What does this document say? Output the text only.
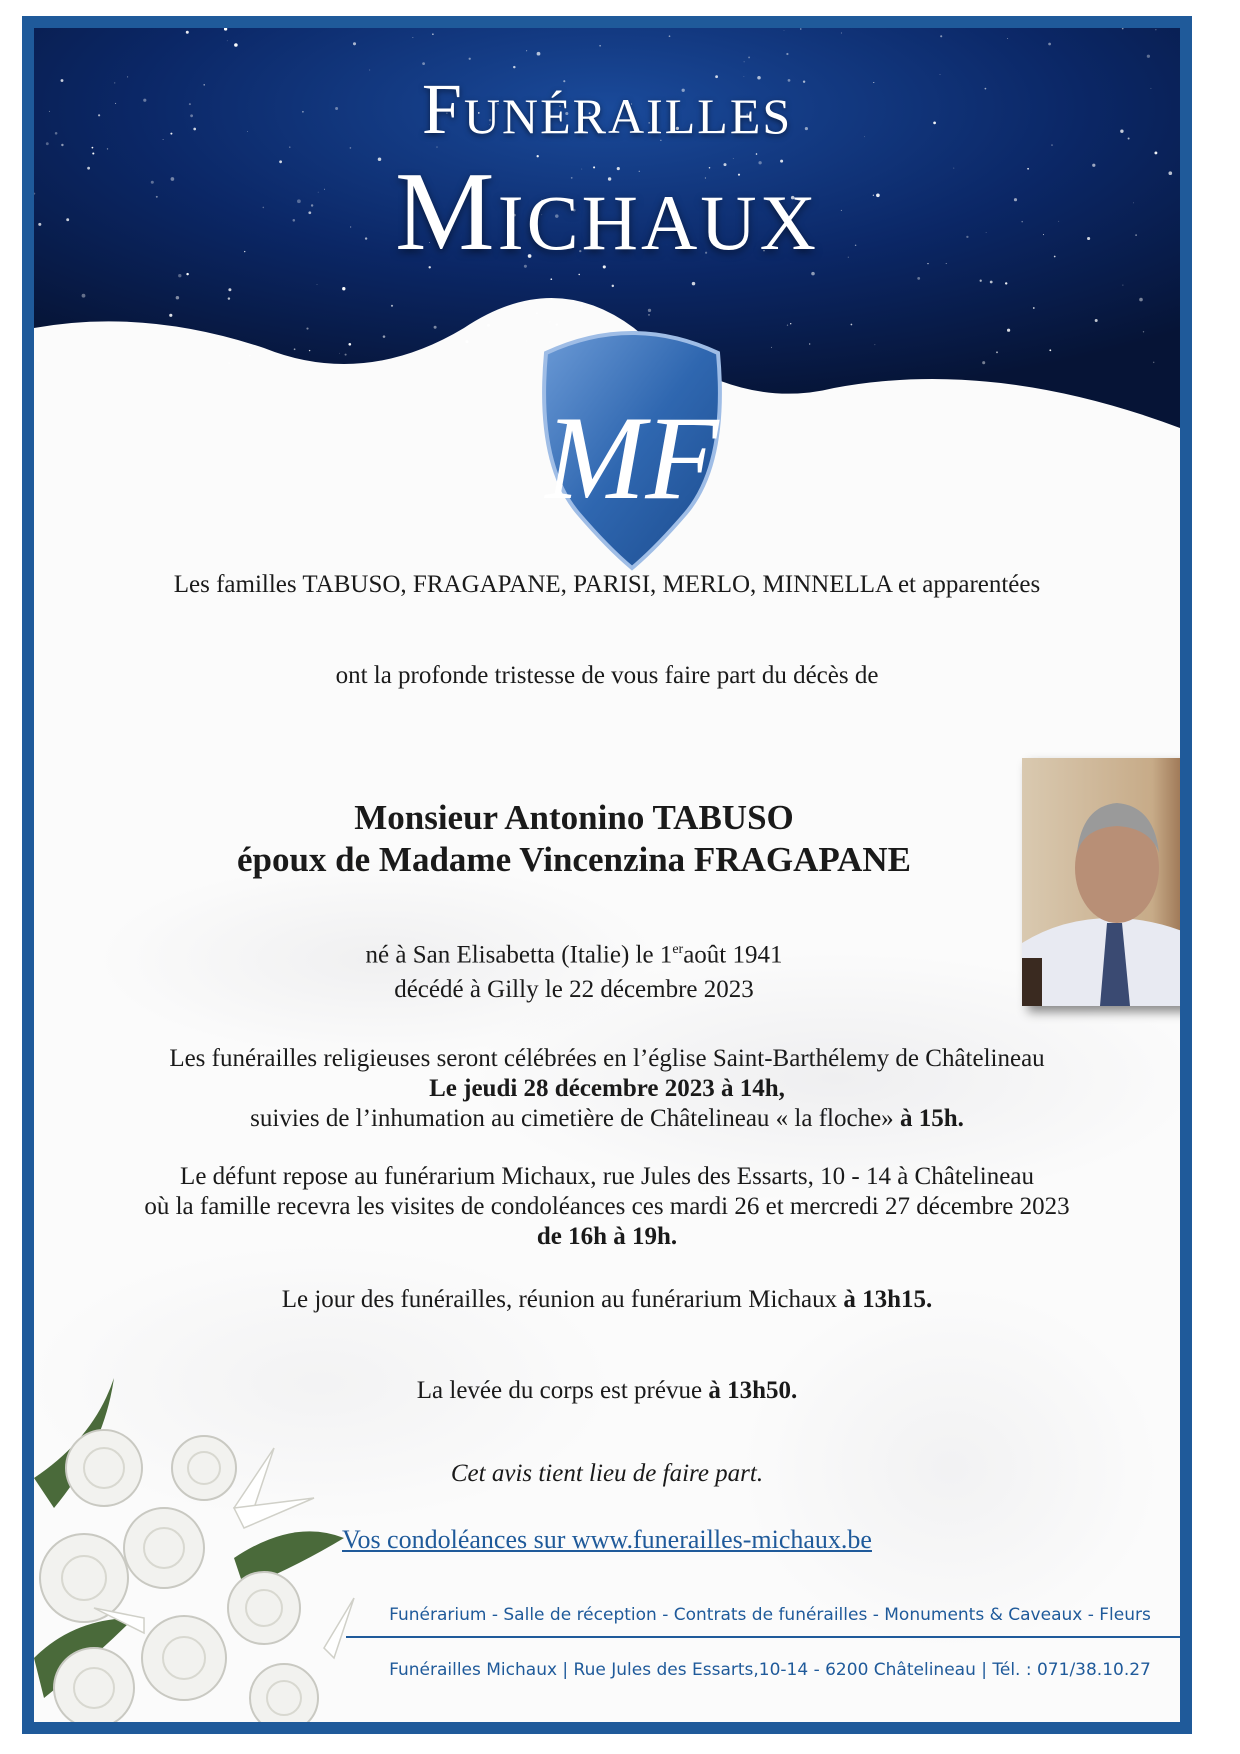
Funérailles
Michaux
MF
Les familles TABUSO, FRAGAPANE, PARISI, MERLO, MINNELLA et apparentées
ont la profonde tristesse de vous faire part du décès de
Monsieur Antonino TABUSO
époux de Madame Vincenzina FRAGAPANE
né à San Elisabetta (Italie) le 1eraoût 1941
décédé à Gilly le 22 décembre 2023
Les funérailles religieuses seront célébrées en l’église Saint-Barthélemy de Châtelineau
Le jeudi 28 décembre 2023 à 14h,
suivies de l’inhumation au cimetière de Châtelineau « la floche» à 15h.
Le défunt repose au funérarium Michaux, rue Jules des Essarts, 10 - 14 à Châtelineau
où la famille recevra les visites de condoléances ces mardi 26 et mercredi 27 décembre 2023
de 16h à 19h.
Le jour des funérailles, réunion au funérarium Michaux à 13h15.
La levée du corps est prévue à 13h50.
Cet avis tient lieu de faire part.
Vos condoléances sur www.funerailles-michaux.be
Funérarium - Salle de réception - Contrats de funérailles - Monuments & Caveaux - Fleurs
Funérailles Michaux | Rue Jules des Essarts,10-14 - 6200 Châtelineau | Tél. : 071/38.10.27
